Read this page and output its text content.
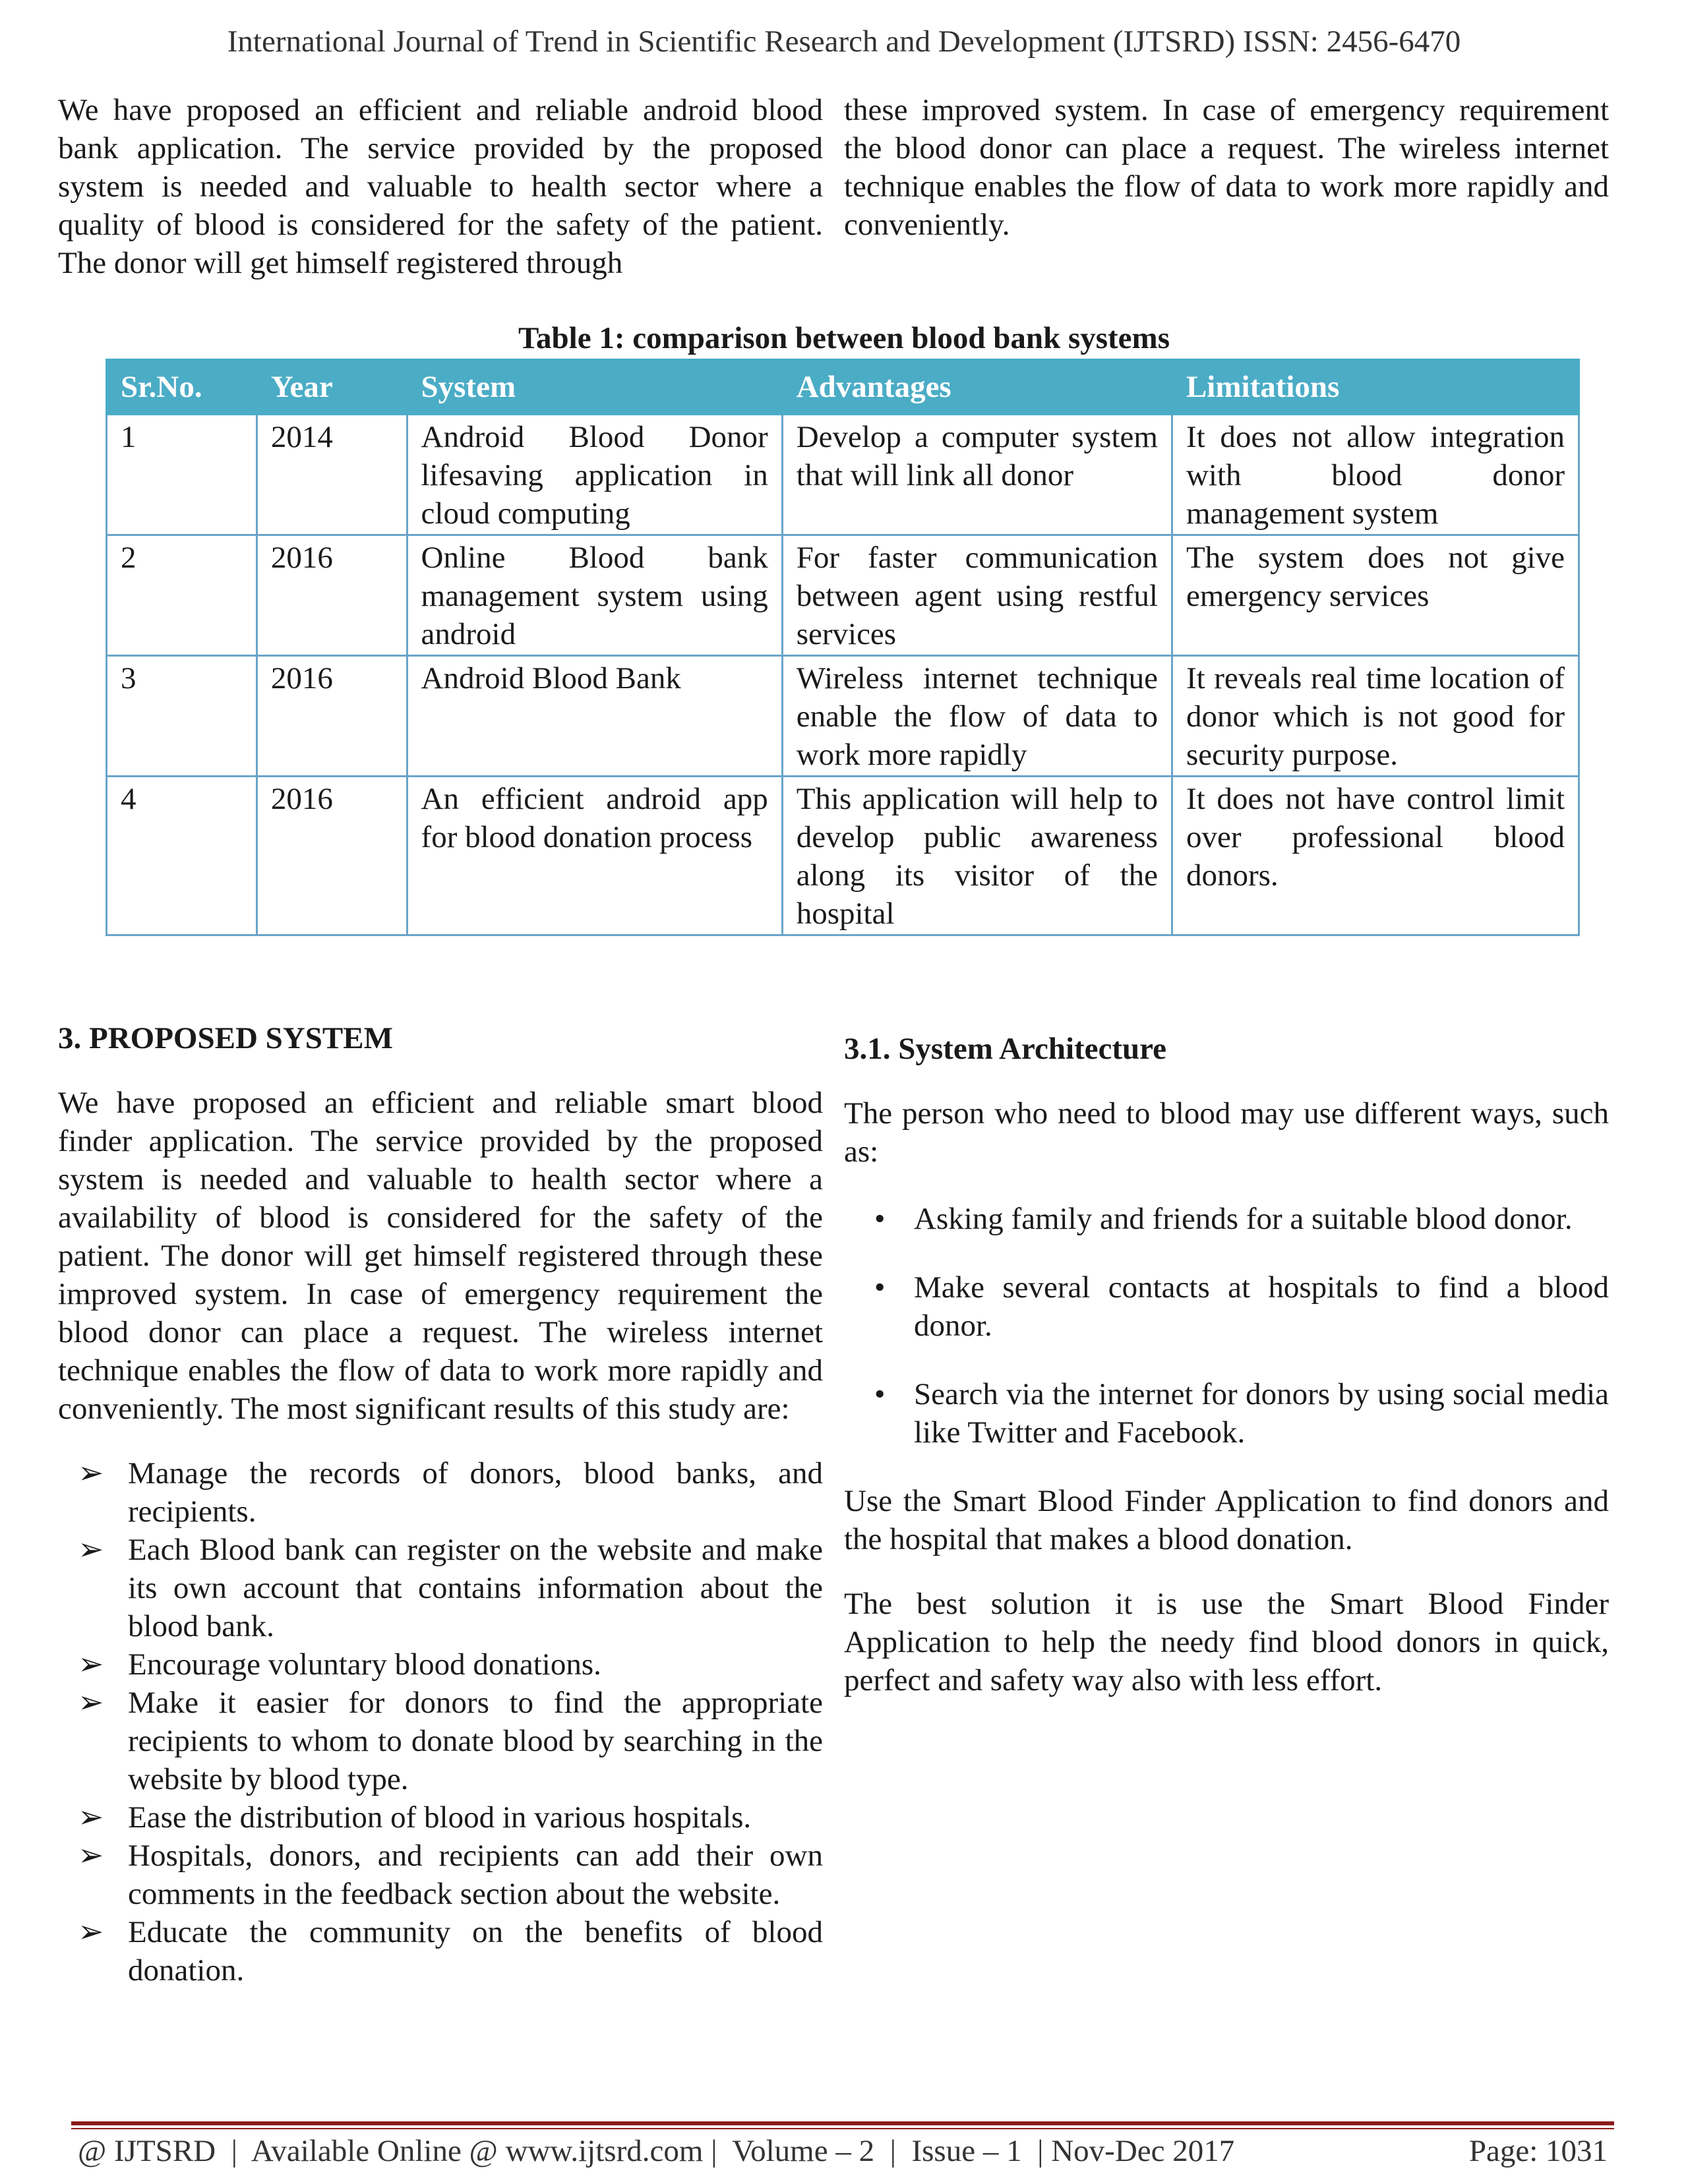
International Journal of Trend in Scientific Research and Development (IJTSRD) ISSN: 2456-6470

We have proposed an efficient and reliable android blood bank application. The service provided by the proposed system is needed and valuable to health sector where a quality of blood is considered for the safety of the patient. The donor will get himself registered through

these improved system. In case of emergency requirement the blood donor can place a request. The wireless internet technique enables the flow of data to work more rapidly and conveniently.

Table 1: comparison between blood bank systems
Sr.No.	Year	System	Advantages	Limitations
1	2014	Android Blood Donor lifesaving application in cloud computing	Develop a computer system that will link all donor	It does not allow integration with blood donor management system
2	2016	Online Blood bank management system using android	For faster communication between agent using restful services	The system does not give emergency services
3	2016	Android Blood Bank	Wireless internet technique enable the flow of data to work more rapidly	It reveals real time location of donor which is not good for security purpose.
4	2016	An efficient android app for blood donation process	This application will help to develop public awareness along its visitor of the hospital	It does not have control limit over professional blood donors.
3. PROPOSED SYSTEM

We have proposed an efficient and reliable smart blood finder application. The service provided by the proposed system is needed and valuable to health sector where a availability of blood is considered for the safety of the patient. The donor will get himself registered through these improved system. In case of emergency requirement the blood donor can place a request. The wireless internet technique enables the flow of data to work more rapidly and conveniently. The most significant results of this study are:

➢ Manage the records of donors, blood banks, and recipients.
➢ Each Blood bank can register on the website and make its own account that contains information about the blood bank.
➢ Encourage voluntary blood donations.
➢ Make it easier for donors to find the appropriate recipients to whom to donate blood by searching in the website by blood type.
➢ Ease the distribution of blood in various hospitals.
➢ Hospitals, donors, and recipients can add their own comments in the feedback section about the website.
➢ Educate the community on the benefits of blood donation.
3.1. System Architecture

The person who need to blood may use different ways, such as:

• Asking family and friends for a suitable blood donor.
• Make several contacts at hospitals to find a blood donor.
• Search via the internet for donors by using social media like Twitter and Facebook.

Use the Smart Blood Finder Application to find donors and the hospital that makes a blood donation.

The best solution it is use the Smart Blood Finder Application to help the needy find blood donors in quick, perfect and safety way also with less effort.

@ IJTSRD  |  Available Online @ www.ijtsrd.com |  Volume – 2  |  Issue – 1  | Nov-Dec 2017	Page: 1031
